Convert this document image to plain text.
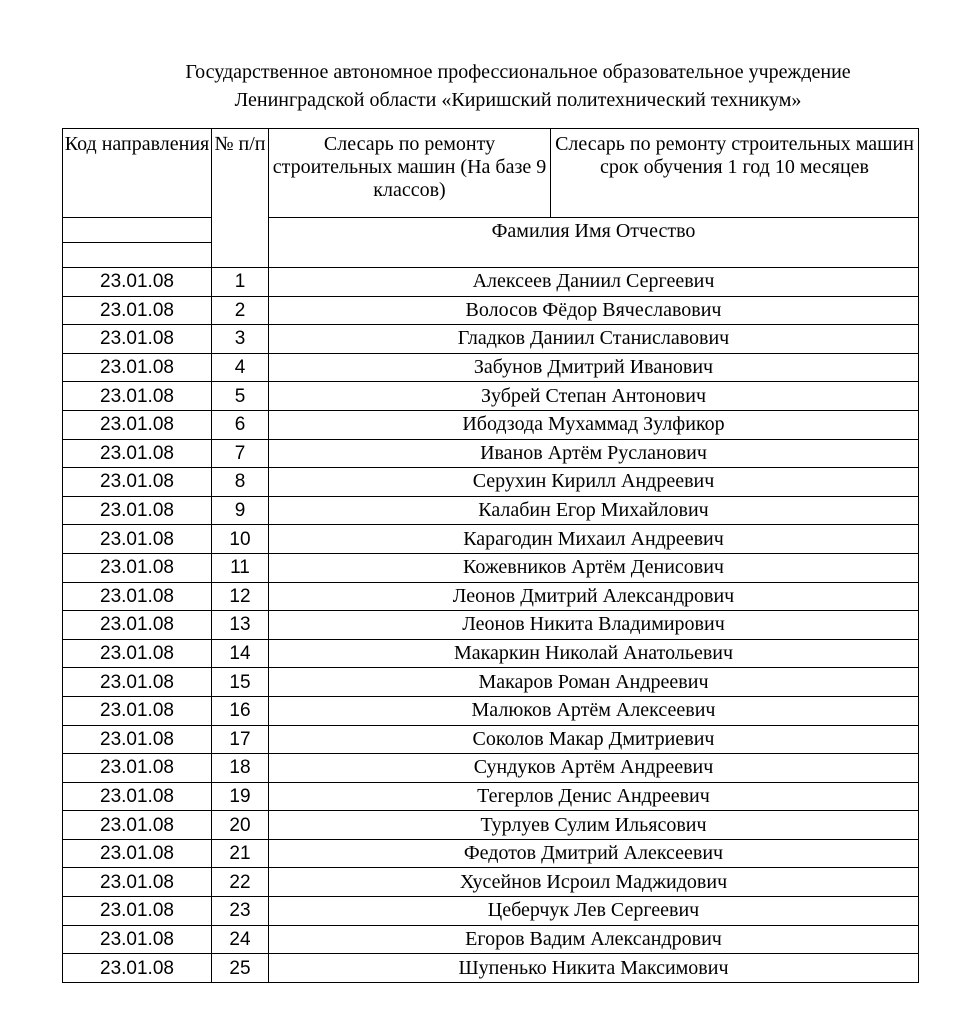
Государственное автономное профессиональное образовательное учреждение
Ленинградской области «Киришский политехнический техникум»
Код направления	№ п/п	Слесарь по ремонту строительных машин (На базе 9 классов)	Слесарь по ремонту строительных машин срок обучения 1 год 10 месяцев
		Фамилия Имя Отчество	

23.01.08	1	Алексеев Даниил Сергеевич	
23.01.08	2	Волосов Фёдор Вячеславович	
23.01.08	3	Гладков Даниил Станиславович	
23.01.08	4	Забунов Дмитрий Иванович	
23.01.08	5	Зубрей Степан Антонович	
23.01.08	6	Ибодзода Мухаммад Зулфикор	
23.01.08	7	Иванов Артём Русланович	
23.01.08	8	Серухин Кирилл Андреевич	
23.01.08	9	Калабин Егор Михайлович	
23.01.08	10	Карагодин Михаил Андреевич	
23.01.08	11	Кожевников Артём Денисович	
23.01.08	12	Леонов Дмитрий Александрович	
23.01.08	13	Леонов Никита Владимирович	
23.01.08	14	Макаркин Николай Анатольевич	
23.01.08	15	Макаров Роман Андреевич	
23.01.08	16	Малюков Артём Алексеевич	
23.01.08	17	Соколов Макар Дмитриевич	
23.01.08	18	Сундуков Артём Андреевич	
23.01.08	19	Тегерлов Денис Андреевич	
23.01.08	20	Турлуев Сулим Ильясович	
23.01.08	21	Федотов Дмитрий Алексеевич	
23.01.08	22	Хусейнов Исроил Маджидович	
23.01.08	23	Цеберчук Лев Сергеевич	
23.01.08	24	Егоров Вадим Александрович	
23.01.08	25	Шупенько Никита Максимович	
